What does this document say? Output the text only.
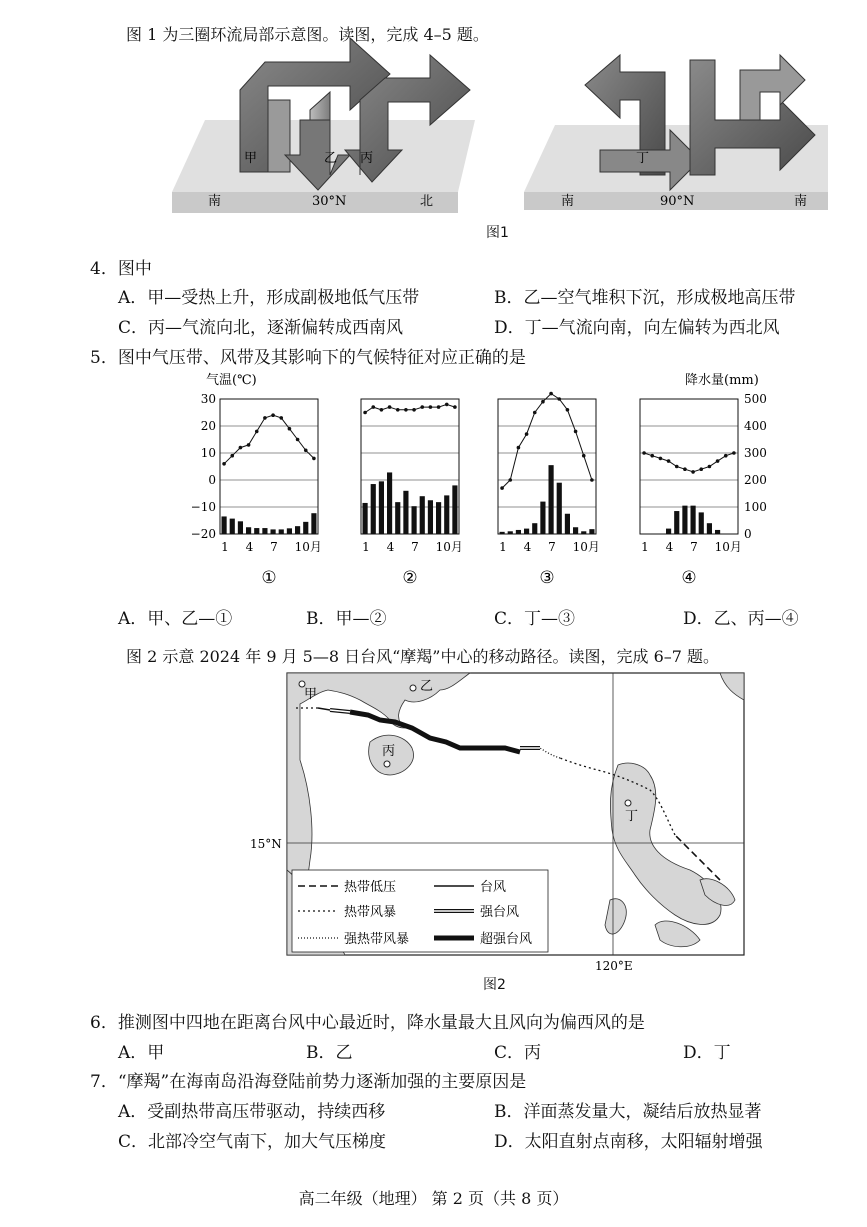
图 1 为三圈环流局部示意图。读图，完成 4–5 题。
甲	乙 丙
南	30°N	北
丁
南	90°N	南
图1
4．图中
A．甲—受热上升，形成副极地低气压带	B．乙—空气堆积下沉，形成极地高压带
C．丙—气流向北，逐渐偏转成西南风	D．丁—气流向南，向左偏转为西北风
5．图中气压带、风带及其影响下的气候特征对应正确的是
气温(℃)	降水量(mm)
30
20
10
0
−10
−20
500
400
300
200
100
0
1 4 7 10月
①
1 4 7 10月
②
1 4 7 10月
③
1 4 7 10月
④
A．甲、乙—①	B．甲—②	C．丁—③	D．乙、丙—④
图 2 示意 2024 年 9 月 5—8 日台风“摩羯”中心的移动路径。读图，完成 6–7 题。
甲
乙
丙
丁
15°N
120°E
热带低压
热带风暴
强热带风暴
台风
强台风
超强台风
图2
6．推测图中四地在距离台风中心最近时，降水量最大且风向为偏西风的是
A．甲	B．乙	C．丙	D．丁
7．“摩羯”在海南岛沿海登陆前势力逐渐加强的主要原因是
A．受副热带高压带驱动，持续西移	B．洋面蒸发量大，凝结后放热显著
C．北部冷空气南下，加大气压梯度	D．太阳直射点南移，太阳辐射增强
高二年级（地理） 第 2 页（共 8 页）
